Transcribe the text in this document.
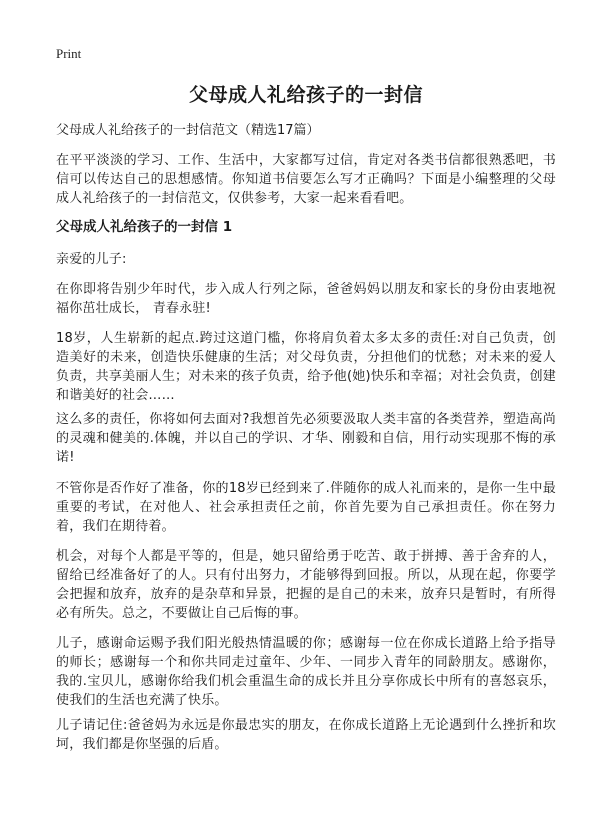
Print
父母成人礼给孩子的一封信

父母成人礼给孩子的一封信范文（精选17篇）

在平平淡淡的学习、工作、生活中，大家都写过信，肯定对各类书信都很熟悉吧，书信可以传达自己的思想感情。你知道书信要怎么写才正确吗？下面是小编整理的父母成人礼给孩子的一封信范文，仅供参考，大家一起来看看吧。

父母成人礼给孩子的一封信 1

亲爱的儿子:

在你即将告别少年时代，步入成人行列之际，爸爸妈妈以朋友和家长的身份由衷地祝福你茁壮成长， 青春永驻!

18岁，人生崭新的起点.跨过这道门槛，你将肩负着太多太多的责任:对自己负责，创造美好的未来，创造快乐健康的生活；对父母负责，分担他们的忧愁；对未来的爱人负责，共享美丽人生；对未来的孩子负责，给予他(她)快乐和幸福；对社会负责，创建和谐美好的社会……

这么多的责任，你将如何去面对?我想首先必须要汲取人类丰富的各类营养，塑造高尚的灵魂和健美的.体魄，并以自己的学识、才华、刚毅和自信，用行动实现那不悔的承诺!

不管你是否作好了准备，你的18岁已经到来了.伴随你的成人礼而来的，是你一生中最重要的考试，在对他人、社会承担责任之前，你首先要为自己承担责任。你在努力着，我们在期待着。

机会，对每个人都是平等的，但是，她只留给勇于吃苦、敢于拼搏、善于舍弃的人，留给已经准备好了的人。只有付出努力，才能够得到回报。所以，从现在起，你要学会把握和放弃，放弃的是杂草和异景，把握的是自己的未来，放弃只是暂时，有所得必有所失。总之，不要做让自己后悔的事。

儿子，感谢命运赐予我们阳光般热情温暖的你；感谢每一位在你成长道路上给予指导的师长；感谢每一个和你共同走过童年、少年、一同步入青年的同龄朋友。感谢你，我的.宝贝儿，感谢你给我们机会重温生命的成长并且分享你成长中所有的喜怒哀乐，使我们的生活也充满了快乐。

儿子请记住:爸爸妈为永远是你最忠实的朋友，在你成长道路上无论遇到什么挫折和坎坷，我们都是你坚强的后盾。
